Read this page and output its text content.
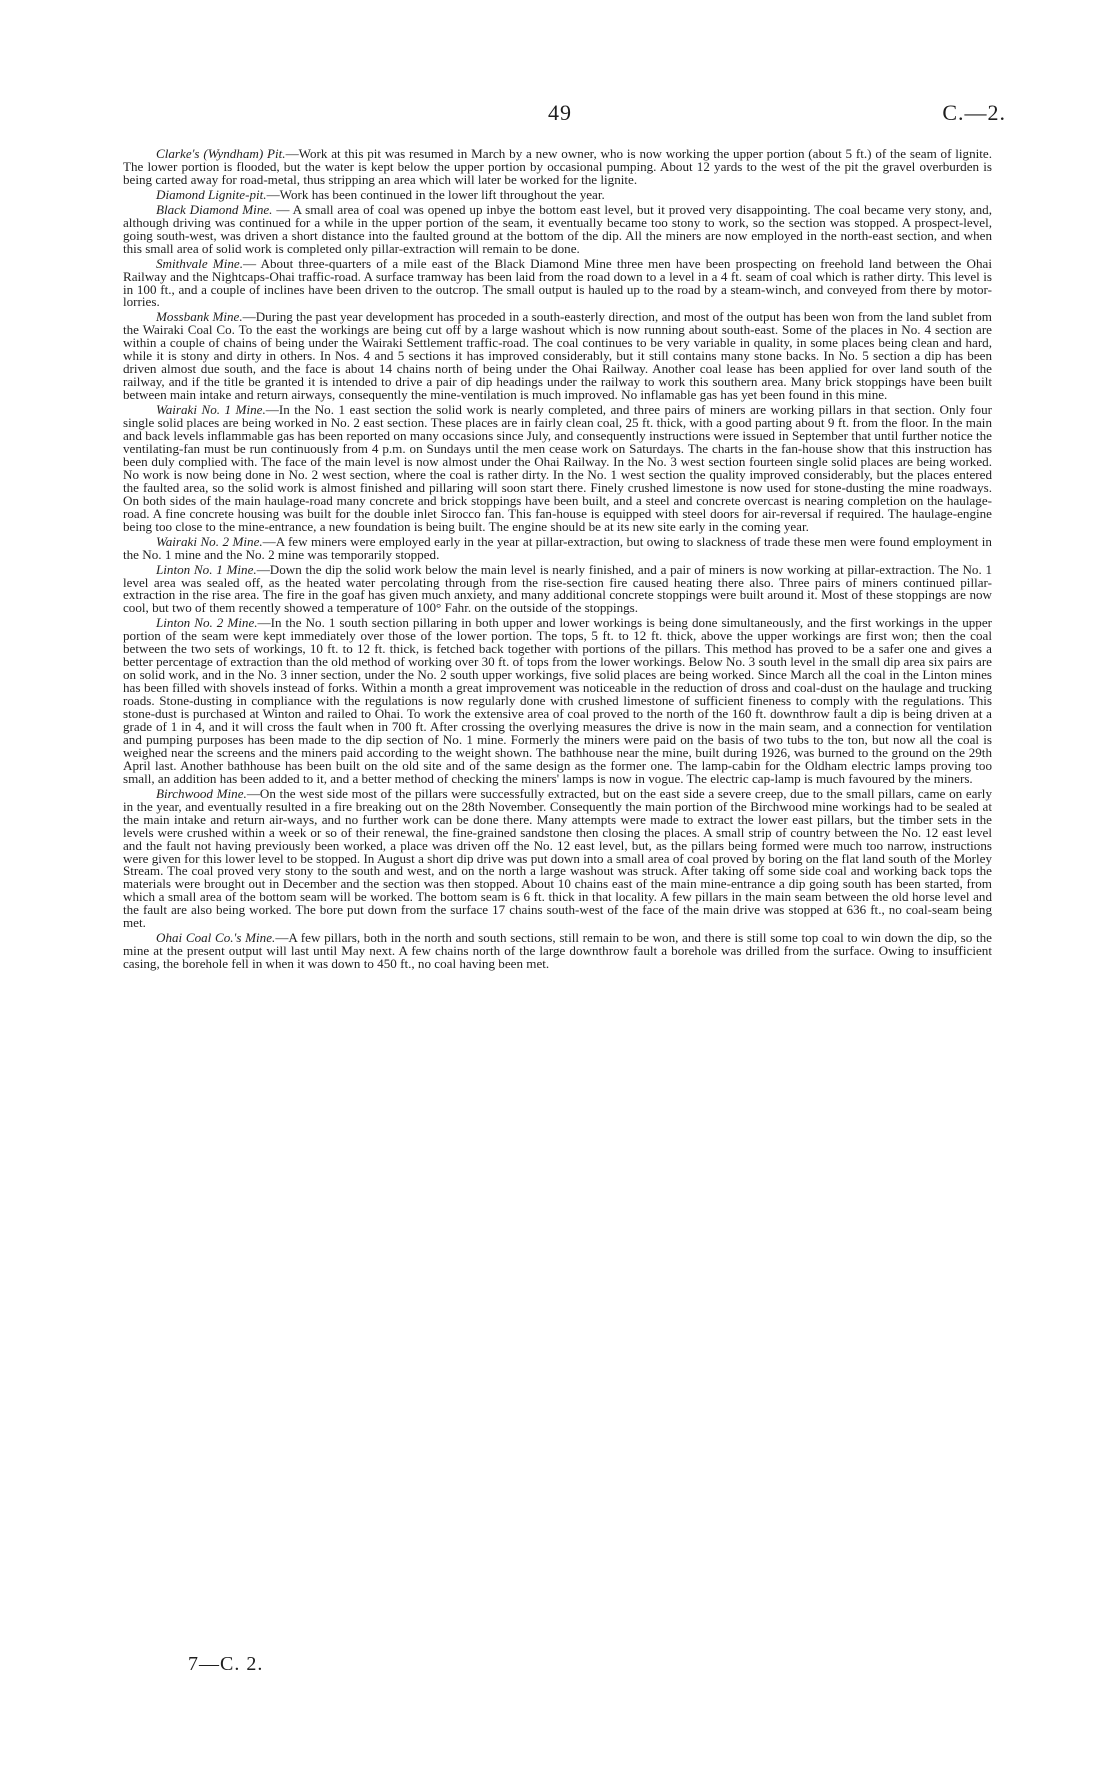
49	C.—2.

Clarke's (Wyndham) Pit.—Work at this pit was resumed in March by a new owner, who is now working the upper portion (about 5 ft.) of the seam of lignite. The lower portion is flooded, but the water is kept below the upper portion by occasional pumping. About 12 yards to the west of the pit the gravel overburden is being carted away for road-metal, thus stripping an area which will later be worked for the lignite.

Diamond Lignite-pit.—Work has been continued in the lower lift throughout the year.

Black Diamond Mine. — A small area of coal was opened up inbye the bottom east level, but it proved very disappointing. The coal became very stony, and, although driving was continued for a while in the upper portion of the seam, it eventually became too stony to work, so the section was stopped. A prospect-level, going south-west, was driven a short distance into the faulted ground at the bottom of the dip. All the miners are now employed in the north-east section, and when this small area of solid work is completed only pillar-extraction will remain to be done.

Smithvale Mine.— About three-quarters of a mile east of the Black Diamond Mine three men have been prospecting on freehold land between the Ohai Railway and the Nightcaps-Ohai traffic-road. A surface tramway has been laid from the road down to a level in a 4 ft. seam of coal which is rather dirty. This level is in 100 ft., and a couple of inclines have been driven to the outcrop. The small output is hauled up to the road by a steam-winch, and conveyed from there by motor-lorries.

Mossbank Mine.—During the past year development has proceded in a south-easterly direction, and most of the output has been won from the land sublet from the Wairaki Coal Co. To the east the workings are being cut off by a large washout which is now running about south-east. Some of the places in No. 4 section are within a couple of chains of being under the Wairaki Settlement traffic-road. The coal continues to be very variable in quality, in some places being clean and hard, while it is stony and dirty in others. In Nos. 4 and 5 sections it has improved considerably, but it still contains many stone backs. In No. 5 section a dip has been driven almost due south, and the face is about 14 chains north of being under the Ohai Railway. Another coal lease has been applied for over land south of the railway, and if the title be granted it is intended to drive a pair of dip headings under the railway to work this southern area. Many brick stoppings have been built between main intake and return airways, consequently the mine-ventilation is much improved. No inflamable gas has yet been found in this mine.

Wairaki No. 1 Mine.—In the No. 1 east section the solid work is nearly completed, and three pairs of miners are working pillars in that section. Only four single solid places are being worked in No. 2 east section. These places are in fairly clean coal, 25 ft. thick, with a good parting about 9 ft. from the floor. In the main and back levels inflammable gas has been reported on many occasions since July, and consequently instructions were issued in September that until further notice the ventilating-fan must be run continuously from 4 p.m. on Sundays until the men cease work on Saturdays. The charts in the fan-house show that this instruction has been duly complied with. The face of the main level is now almost under the Ohai Railway. In the No. 3 west section fourteen single solid places are being worked. No work is now being done in No. 2 west section, where the coal is rather dirty. In the No. 1 west section the quality improved considerably, but the places entered the faulted area, so the solid work is almost finished and pillaring will soon start there. Finely crushed limestone is now used for stone-dusting the mine roadways. On both sides of the main haulage-road many concrete and brick stoppings have been built, and a steel and concrete overcast is nearing completion on the haulage-road. A fine concrete housing was built for the double inlet Sirocco fan. This fan-house is equipped with steel doors for air-reversal if required. The haulage-engine being too close to the mine-entrance, a new foundation is being built. The engine should be at its new site early in the coming year.

Wairaki No. 2 Mine.—A few miners were employed early in the year at pillar-extraction, but owing to slackness of trade these men were found employment in the No. 1 mine and the No. 2 mine was temporarily stopped.

Linton No. 1 Mine.—Down the dip the solid work below the main level is nearly finished, and a pair of miners is now working at pillar-extraction. The No. 1 level area was sealed off, as the heated water percolating through from the rise-section fire caused heating there also. Three pairs of miners continued pillar-extraction in the rise area. The fire in the goaf has given much anxiety, and many additional concrete stoppings were built around it. Most of these stoppings are now cool, but two of them recently showed a temperature of 100° Fahr. on the outside of the stoppings.

Linton No. 2 Mine.—In the No. 1 south section pillaring in both upper and lower workings is being done simultaneously, and the first workings in the upper portion of the seam were kept immediately over those of the lower portion. The tops, 5 ft. to 12 ft. thick, above the upper workings are first won; then the coal between the two sets of workings, 10 ft. to 12 ft. thick, is fetched back together with portions of the pillars. This method has proved to be a safer one and gives a better percentage of extraction than the old method of working over 30 ft. of tops from the lower workings. Below No. 3 south level in the small dip area six pairs are on solid work, and in the No. 3 inner section, under the No. 2 south upper workings, five solid places are being worked. Since March all the coal in the Linton mines has been filled with shovels instead of forks. Within a month a great improvement was noticeable in the reduction of dross and coal-dust on the haulage and trucking roads. Stone-dusting in compliance with the regulations is now regularly done with crushed limestone of sufficient fineness to comply with the regulations. This stone-dust is purchased at Winton and railed to Ohai. To work the extensive area of coal proved to the north of the 160 ft. downthrow fault a dip is being driven at a grade of 1 in 4, and it will cross the fault when in 700 ft. After crossing the overlying measures the drive is now in the main seam, and a connection for ventilation and pumping purposes has been made to the dip section of No. 1 mine. Formerly the miners were paid on the basis of two tubs to the ton, but now all the coal is weighed near the screens and the miners paid according to the weight shown. The bathhouse near the mine, built during 1926, was burned to the ground on the 29th April last. Another bathhouse has been built on the old site and of the same design as the former one. The lamp-cabin for the Oldham electric lamps proving too small, an addition has been added to it, and a better method of checking the miners' lamps is now in vogue. The electric cap-lamp is much favoured by the miners.

Birchwood Mine.—On the west side most of the pillars were successfully extracted, but on the east side a severe creep, due to the small pillars, came on early in the year, and eventually resulted in a fire breaking out on the 28th November. Consequently the main portion of the Birchwood mine workings had to be sealed at the main intake and return air-ways, and no further work can be done there. Many attempts were made to extract the lower east pillars, but the timber sets in the levels were crushed within a week or so of their renewal, the fine-grained sandstone then closing the places. A small strip of country between the No. 12 east level and the fault not having previously been worked, a place was driven off the No. 12 east level, but, as the pillars being formed were much too narrow, instructions were given for this lower level to be stopped. In August a short dip drive was put down into a small area of coal proved by boring on the flat land south of the Morley Stream. The coal proved very stony to the south and west, and on the north a large washout was struck. After taking off some side coal and working back tops the materials were brought out in December and the section was then stopped. About 10 chains east of the main mine-entrance a dip going south has been started, from which a small area of the bottom seam will be worked. The bottom seam is 6 ft. thick in that locality. A few pillars in the main seam between the old horse level and the fault are also being worked. The bore put down from the surface 17 chains south-west of the face of the main drive was stopped at 636 ft., no coal-seam being met.

Ohai Coal Co.'s Mine.—A few pillars, both in the north and south sections, still remain to be won, and there is still some top coal to win down the dip, so the mine at the present output will last until May next. A few chains north of the large downthrow fault a borehole was drilled from the surface. Owing to insufficient casing, the borehole fell in when it was down to 450 ft., no coal having been met.

7—C. 2.
